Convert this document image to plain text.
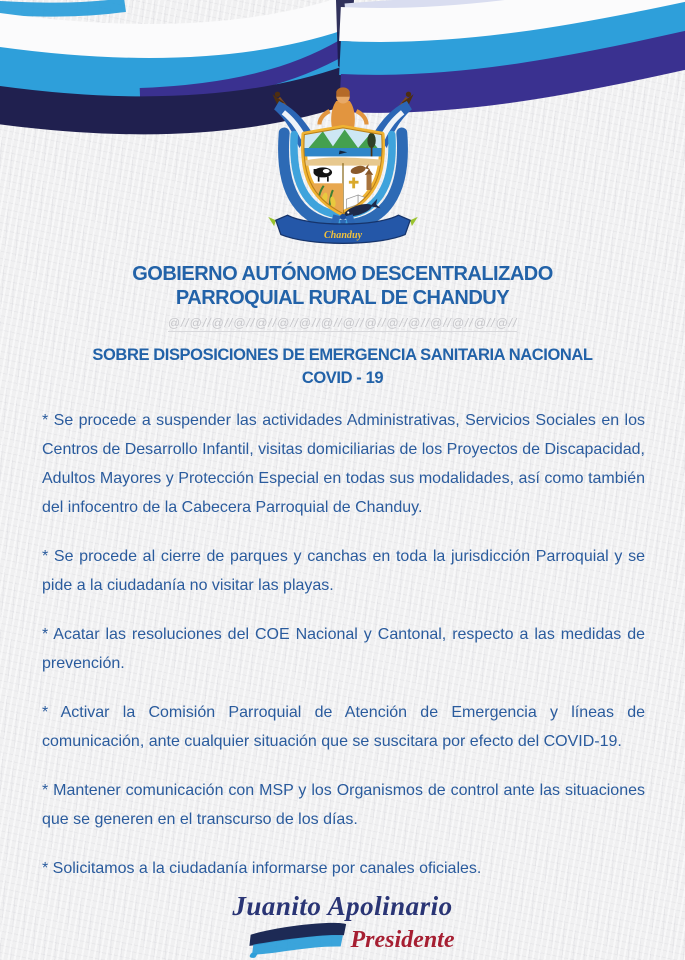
Chanduy
GOBIERNO AUTÓNOMO DESCENTRALIZADO
PARROQUIAL RURAL DE CHANDUY
@//@//@//@//@//@//@//@//@//@//@//@//@//@//@//@//
SOBRE DISPOSICIONES DE EMERGENCIA SANITARIA NACIONAL
COVID - 19

* Se procede a suspender las actividades Administrativas, Servicios Sociales en los Centros de Desarrollo Infantil, visitas domiciliarias de los Proyectos de Discapacidad, Adultos Mayores y Protección Especial en todas sus modalidades, así como también del infocentro de la Cabecera Parroquial de Chanduy.

* Se procede al cierre de parques y canchas en toda la jurisdicción Parroquial y se pide a la ciudadanía no visitar las playas.

* Acatar las resoluciones del COE Nacional y Cantonal, respecto a las medidas de prevención.

* Activar la Comisión Parroquial de Atención de Emergencia y líneas de comunicación, ante cualquier situación que se suscitara por efecto del COVID-19.

* Mantener comunicación con MSP y los Organismos de control ante las situaciones que se generen en el transcurso de los días.

* Solicitamos a la ciudadanía informarse por canales oficiales.

Juanito Apolinario
Presidente
